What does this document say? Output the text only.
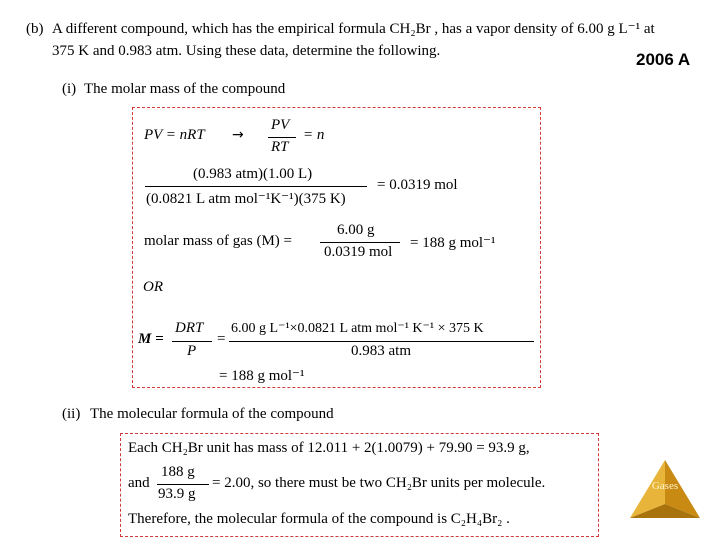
(b) A different compound, which has the empirical formula CH₂Br , has a vapor density of 6.00 g L⁻¹ at
375 K and 0.983 atm. Using these data, determine the following.	2006 A
(i) The molar mass of the compound
PV = nRT →
PV
RT
= n
(0.983 atm)(1.00 L)
(0.0821 L atm mol⁻¹K⁻¹)(375 K)
= 0.0319 mol
molar mass of gas (M) =
6.00 g
0.0319 mol
= 188 g mol⁻¹
OR
M =
DRT
P
=
6.00 g L⁻¹×0.0821 L atm mol⁻¹ K⁻¹ × 375 K
0.983 atm
= 188 g mol⁻¹
(ii) The molecular formula of the compound
Each CH₂Br unit has mass of 12.011 + 2(1.0079) + 79.90 = 93.9 g,
and
188 g
93.9 g
= 2.00, so there must be two CH₂Br units per molecule.
Therefore, the molecular formula of the compound is C₂H₄Br₂ .
Gases
